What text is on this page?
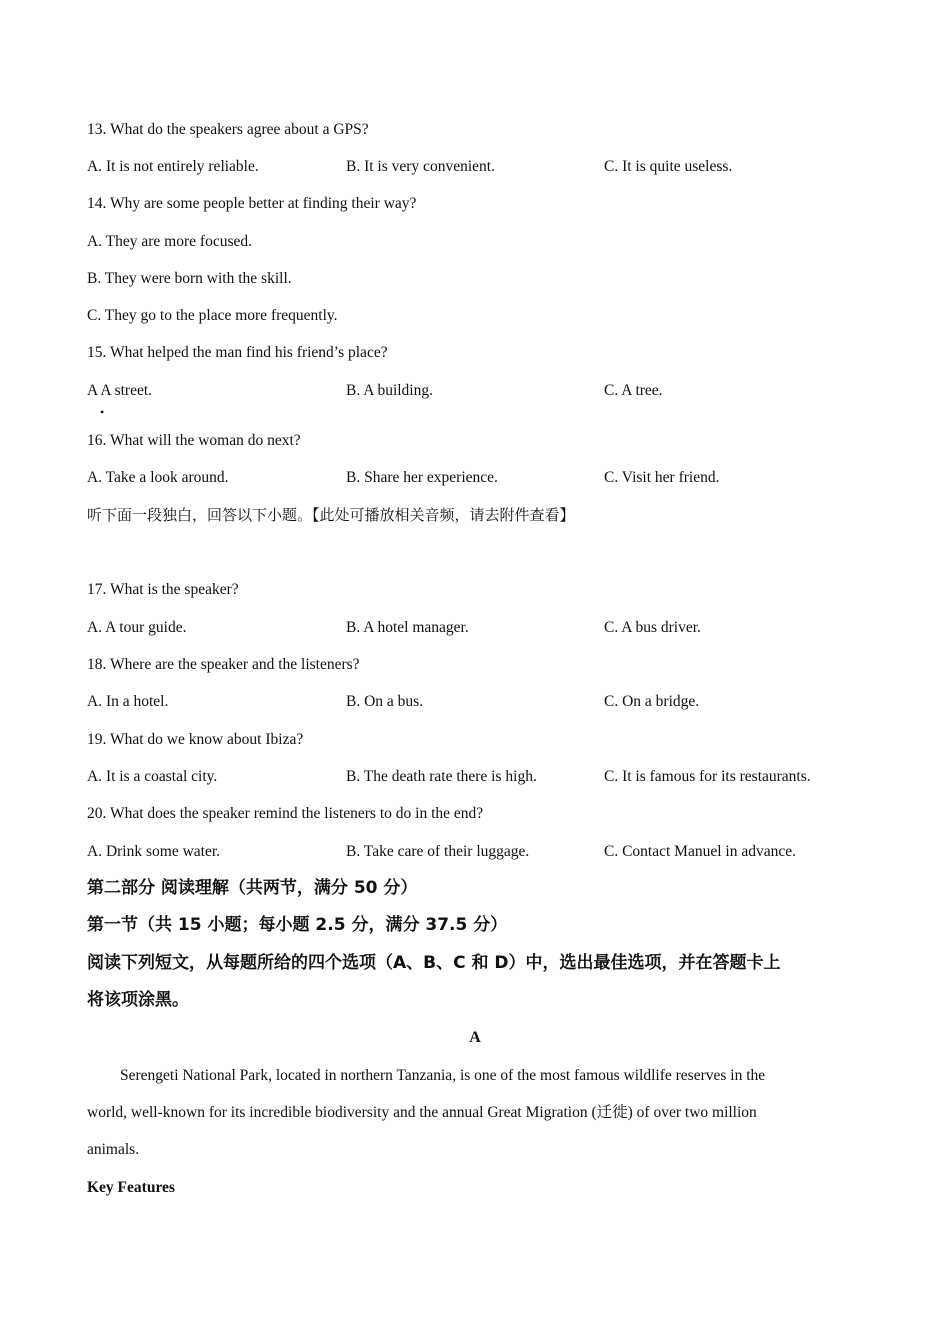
13. What do the speakers agree about a GPS?
A. It is not entirely reliable.	B. It is very convenient.	C. It is quite useless.
14. Why are some people better at finding their way?
A. They are more focused.
B. They were born with the skill.
C. They go to the place more frequently.
15. What helped the man find his friend’s place?
A A street.
•
B. A building.	C. A tree.
16. What will the woman do next?
A. Take a look around.	B. Share her experience.	C. Visit her friend.
听下面一段独白，回答以下小题。【此处可播放相关音频，请去附件查看】
17. What is the speaker?
A. A tour guide.	B. A hotel manager.	C. A bus driver.
18. Where are the speaker and the listeners?
A. In a hotel.	B. On a bus.	C. On a bridge.
19. What do we know about Ibiza?
A. It is a coastal city.	B. The death rate there is high.	C. It is famous for its restaurants.
20. What does the speaker remind the listeners to do in the end?
A. Drink some water.	B. Take care of their luggage.	C. Contact Manuel in advance.
第二部分 阅读理解（共两节，满分 50 分）
第一节（共 15 小题；每小题 2.5 分，满分 37.5 分）
阅读下列短文，从每题所给的四个选项（A、B、C 和 D）中，选出最佳选项，并在答题卡上
将该项涂黑。
A
Serengeti National Park, located in northern Tanzania, is one of the most famous wildlife reserves in the
world, well-known for its incredible biodiversity and the annual Great Migration (迁徙) of over two million
animals.
Key Features
